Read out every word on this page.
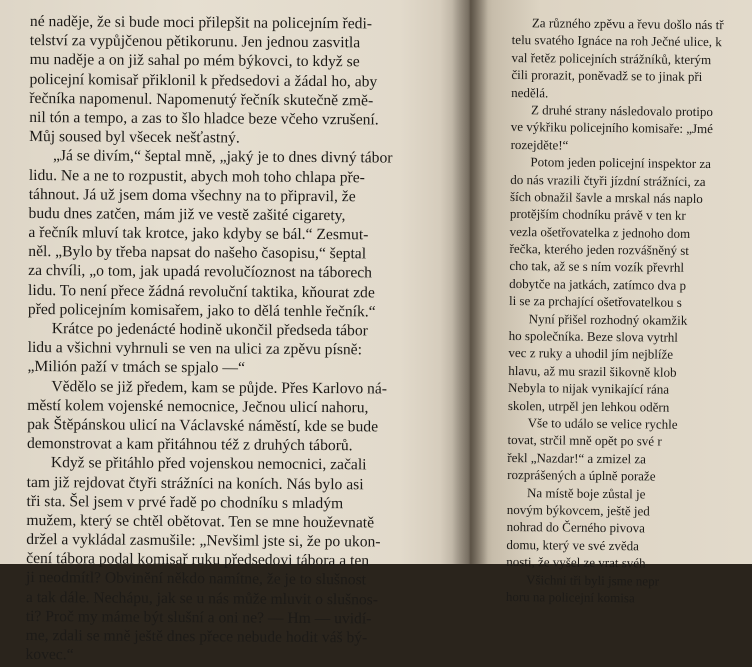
né naděje, že si bude moci přilepšit na policejním ředi-
telství za vypůjčenou pětikorunu. Jen jednou zasvitla
mu naděje a on již sahal po mém býkovci, to když se
policejní komisař přiklonil k předsedovi a žádal ho, aby
řečníka napomenul. Napomenutý řečník skutečně změ-
nil tón a tempo, a zas to šlo hladce beze včeho vzrušení.
Můj soused byl všecek nešťastný.
„Já se divím,“ šeptal mně, „jaký je to dnes divný tábor
lidu. Ne a ne to rozpustit, abych moh toho chlapa pře-
táhnout. Já už jsem doma všechny na to připravil, že
budu dnes zatčen, mám již ve vestě zašité cigarety,
a řečník mluví tak krotce, jako kdyby se bál.“ Zesmut-
něl. „Bylo by třeba napsat do našeho časopisu,“ šeptal
za chvíli, „o tom, jak upadá revolučíoznost na táborech
lidu. To není přece žádná revoluční taktika, kňourat zde
před policejním komisařem, jako to dělá tenhle řečník.“
Krátce po jedenácté hodině ukončil předseda tábor
lidu a všichni vyhrnuli se ven na ulici za zpěvu písně:
„Milión paží v tmách se spjalo —“
Vědělo se již předem, kam se půjde. Přes Karlovo ná-
městí kolem vojenské nemocnice, Ječnou ulicí nahoru,
pak Štěpánskou ulicí na Václavské náměstí, kde se bude
demonstrovat a kam přitáhnou též z druhých táborů.
Když se přitáhlo před vojenskou nemocnici, začali
tam již rejdovat čtyři strážníci na koních. Nás bylo asi
tři sta. Šel jsem v prvé řadě po chodníku s mladým
mužem, který se chtěl obětovat. Ten se mne houževnatě
držel a vykládal zasmušile: „Nevšiml jste si, že po ukon-
čení tábora podal komisař ruku předsedovi tábora a ten
ji neodmítl? Obvinění někdo namítne, že je to slušnost
a tak dále. Nechápu, jak se u nás může mluvit o slušnos-
ti? Proč my máme být slušní a oni ne? — Hm — uvidí-
me, zdali se mně ještě dnes přece nebude hodit váš bý-
kovec.“
Za různého zpěvu a řevu došlo nás tř
telu svatého Ignáce na roh Ječné ulice, k
val řetěz policejních strážníků, kterým
čili prorazit, poněvadž se to jinak při
nedělá.
Z druhé strany následovalo protipo
ve výkřiku policejního komisaře: „Jmé
rozejděte!“
Potom jeden policejní inspektor za
do nás vrazili čtyři jízdní strážníci, za
ších obnažil šavle a mrskal nás naplo
protějším chodníku právě v ten kr
vezla ošetřovatelka z jednoho dom
řečka, kterého jeden rozvášněný st
cho tak, až se s ním vozík převrhl
dobytče na jatkách, zatímco dva p
li se za prchající ošetřovatelkou s
Nyní přišel rozhodný okamžik
ho společníka. Beze slova vytrhl
vec z ruky a uhodil jím nejblíže
hlavu, až mu srazil šikovně klob
Nebyla to nijak vynikající rána
skolen, utrpěl jen lehkou oděrn
Vše to událo se velice rychle
tovat, strčil mně opět po své r
řekl „Nazdar!“ a zmizel za
rozprášených a úplně poraže
Na místě boje zůstal je
novým býkovcem, ještě jed
nohrad do Černého pivova
domu, který ve své zvěda
nosti, že vyšel ze vrat svéh
Všichni tři byli jsme nepr
horu na policejní komisa
